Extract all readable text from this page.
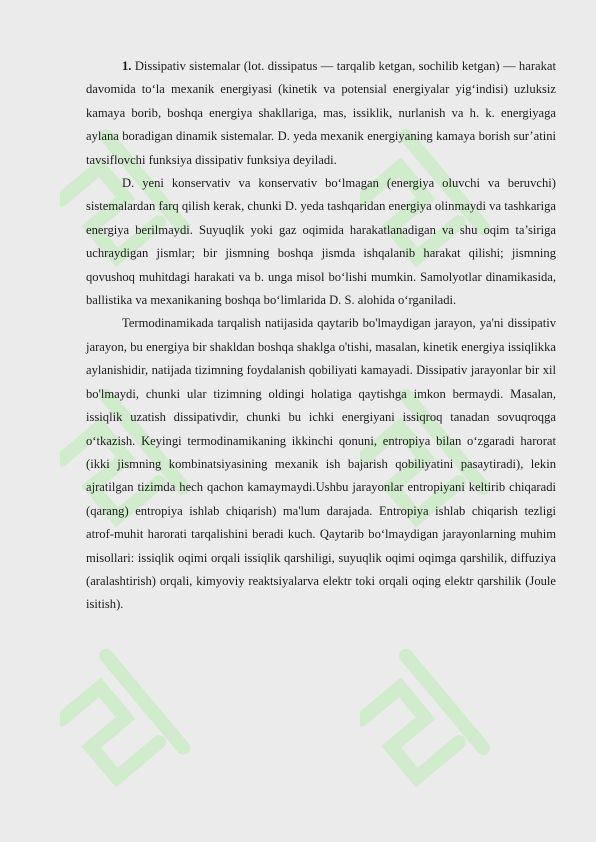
1. Dissipativ sistemalar (lot. dissipatus — tarqalib ketgan, sochilib ketgan) — harakat davomida to‘la mexanik energiyasi (kinetik va potensial energiyalar yig‘indisi) uzluksiz kamaya borib, boshqa energiya shakllariga, mas, issiklik, nurlanish va h. k. energiyaga aylana boradigan dinamik sistemalar. D. yeda mexanik energiyaning kamaya borish sur’atini tavsiflovchi funksiya dissipativ funksiya deyiladi.

D. yeni konservativ va konservativ bo‘lmagan (energiya oluvchi va beruvchi) sistemalardan farq qilish kerak, chunki D. yeda tashqaridan energiya olinmaydi va tashkariga energiya berilmaydi. Suyuqlik yoki gaz oqimida harakatlanadigan va shu oqim ta’siriga uchraydigan jismlar; bir jismning boshqa jismda ishqalanib harakat qilishi; jismning qovushoq muhitdagi harakati va b. unga misol bo‘lishi mumkin. Samolyotlar dinamikasida, ballistika va mexanikaning boshqa bo‘limlarida D. S. alohida o‘rganiladi.

Termodinamikada tarqalish natijasida qaytarib bo'lmaydigan jarayon, ya'ni dissipativ jarayon, bu energiya bir shakldan boshqa shaklga o'tishi, masalan, kinetik energiya issiqlikka aylanishidir, natijada tizimning foydalanish qobiliyati kamayadi. Dissipativ jarayonlar bir xil bo'lmaydi, chunki ular tizimning oldingi holatiga qaytishga imkon bermaydi. Masalan, issiqlik uzatish dissipativdir, chunki bu ichki energiyani issiqroq tanadan sovuqroqga o‘tkazish. Keyingi termodinamikaning ikkinchi qonuni, entropiya bilan o‘zgaradi harorat (ikki jismning kombinatsiyasining mexanik ish bajarish qobiliyatini pasaytiradi), lekin ajratilgan tizimda hech qachon kamaymaydi.Ushbu jarayonlar entropiyani keltirib chiqaradi (qarang) entropiya ishlab chiqarish) ma'lum darajada. Entropiya ishlab chiqarish tezligi atrof-muhit harorati tarqalishini beradi kuch. Qaytarib bo‘lmaydigan jarayonlarning muhim misollari: issiqlik oqimi orqali issiqlik qarshiligi, suyuqlik oqimi oqimga qarshilik, diffuziya (aralashtirish) orqali, kimyoviy reaktsiyalarva elektr toki orqali oqing elektr qarshilik (Joule isitish).
